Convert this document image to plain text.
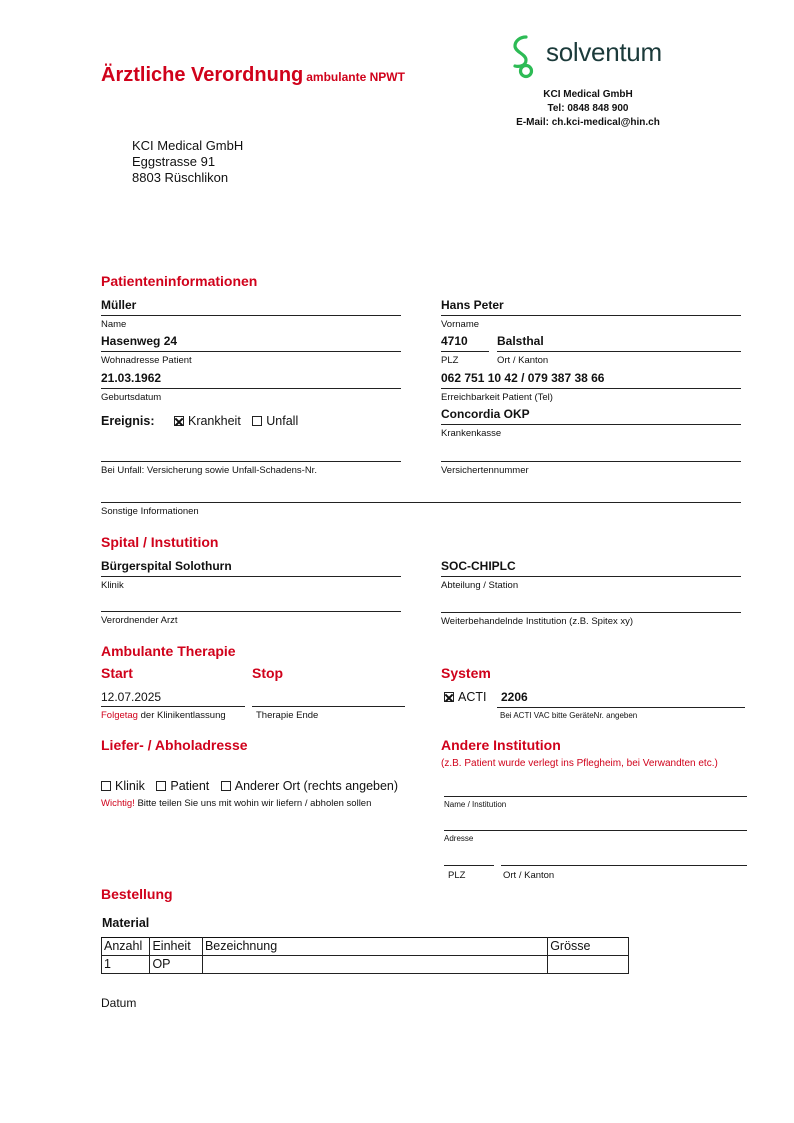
Ärztliche Verordnung ambulante NPWT
solventum
KCI Medical GmbH
Tel: 0848 848 900
E-Mail: ch.kci-medical@hin.ch
KCI Medical GmbH
Eggstrasse 91
8803 Rüschlikon
Patienteninformationen
Müller
Name
Hans Peter
Vorname
Hasenweg 24
Wohnadresse Patient
4710
PLZ
Balsthal
Ort / Kanton
21.03.1962
Geburtsdatum
062 751 10 42 / 079 387 38 66
Erreichbarkeit Patient (Tel)
Ereignis:	Krankheit Unfall	Concordia OKP
Krankenkasse
Bei Unfall: Versicherung sowie Unfall-Schadens-Nr.	Versichertennummer
Sonstige Informationen
Spital / Instutition
Bürgerspital Solothurn
Klinik
SOC-CHIPLC
Abteilung / Station
Verordnender Arzt	Weiterbehandelnde Institution (z.B. Spitex xy)
Ambulante Therapie
Start	Stop	System
12.07.2025
Folgetag der Klinikentlassung	Therapie Ende
ACTI 2206
Bei ACTI VAC bitte GeräteNr. angeben
Liefer- / Abholadresse
Klinik Patient Anderer Ort (rechts angeben)
Wichtig! Bitte teilen Sie uns mit wohin wir liefern / abholen sollen
Andere Institution
(z.B. Patient wurde verlegt ins Pflegheim, bei Verwandten etc.)
Name / Institution
Adresse
PLZ	Ort / Kanton
Bestellung
Material
Anzahl	Einheit	Bezeichnung	Grösse
1	OP		
Datum
